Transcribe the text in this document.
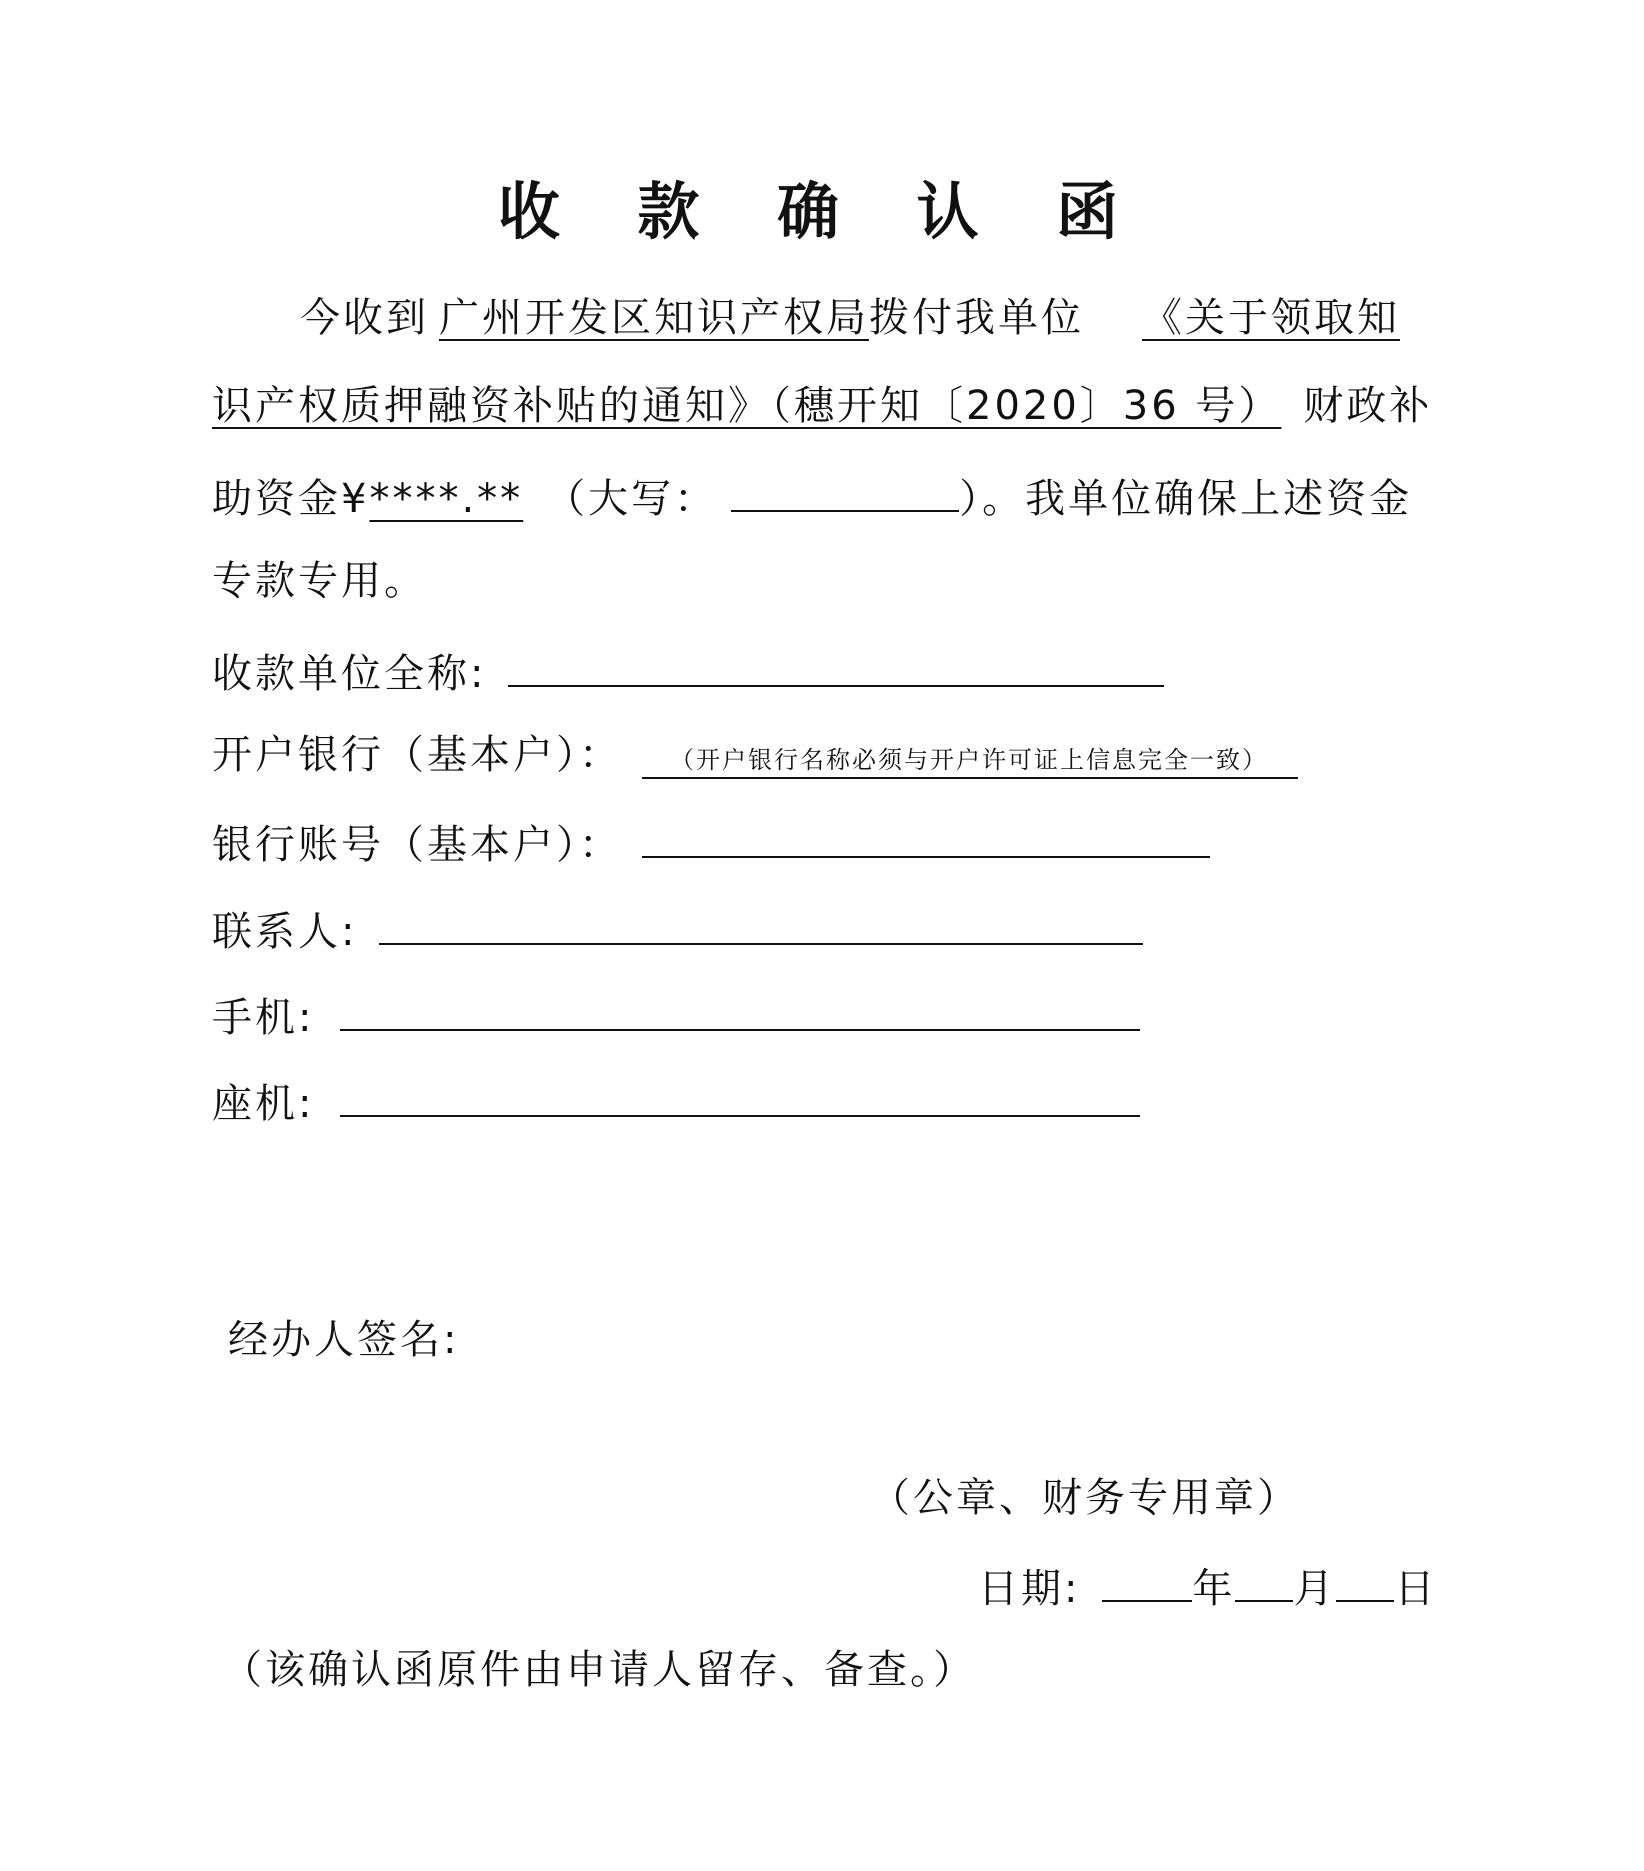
收 款 确 认 函
今收到 广州开发区知识产权局拨付我单位 《关于领取知
识产权质押融资补贴的通知》（穗开知〔2020〕36 号） 财政补
助资金¥****.** （大写：	）。我单位确保上述资金
专款专用。
收款单位全称:
开户银行（基本户）： （开户银行名称必须与开户许可证上信息完全一致）
银行账号（基本户）：
联系人:
手机:
座机:
经办人签名:
（公章、财务专用章）
日期:	年 月 日
（该确认函原件由申请人留存、备查。）
